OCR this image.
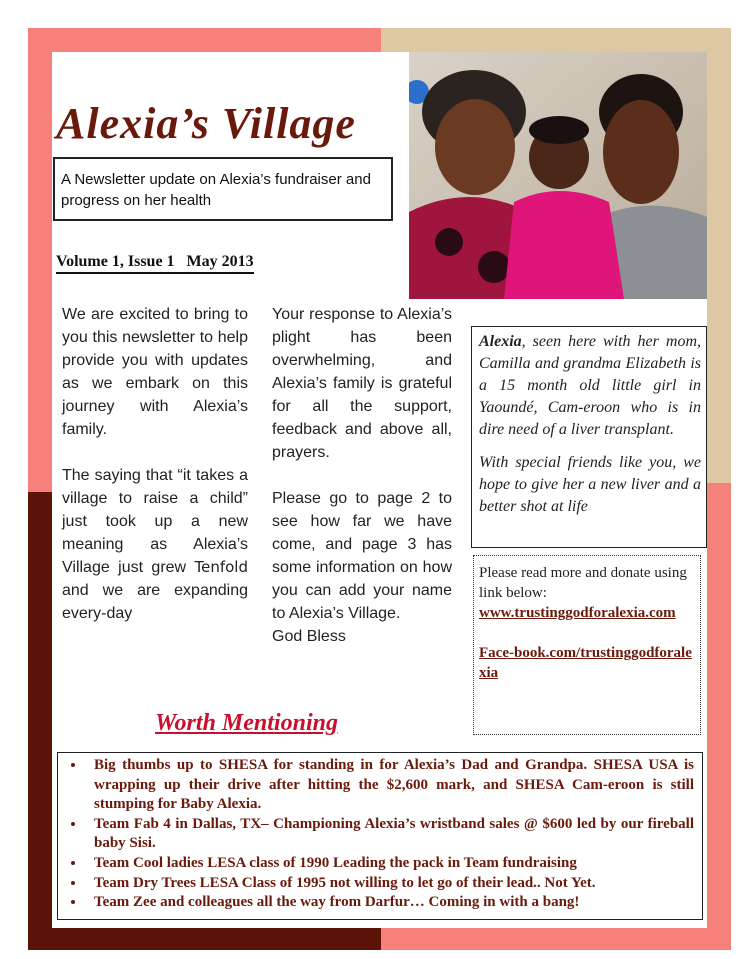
Alexia’s Village
A Newsletter update on Alexia’s fundraiser and progress on her health
Volume 1, Issue 1   May 2013

We are excited to bring to you this newsletter to help provide you with updates as we embark on this journey with Alexia’s family.

The saying that “it takes a village to raise a child” just took up a new meaning as Alexia’s Village just grew Tenfold and we are expanding every-day

Your response to Alexia’s plight has been overwhelming, and Alexia’s family is grateful for all the support, feedback and above all, prayers.

Please go to page 2 to see how far we have come, and page 3 has some information on how you can add your name to Alexia’s Village.

God Bless

Alexia, seen here with her mom, Camilla and grandma Elizabeth is a 15 month old little girl in Yaoundé, Cam-eroon who is in dire need of a liver transplant.

With special friends like you, we hope to give her a new liver and a better shot at life

Please read more and donate using link below:
www.trustinggodforalexia.com
Face-book.com/trustinggodforalexia
Worth Mentioning
• Big thumbs up to SHESA for standing in for Alexia’s Dad and Grandpa. SHESA USA is wrapping up their drive after hitting the $2,600 mark, and SHESA Cam-eroon is still stumping for Baby Alexia.
• Team Fab 4 in Dallas, TX– Championing Alexia’s wristband sales @ $600 led by our fireball baby Sisi.
• Team Cool ladies LESA class of 1990 Leading the pack in Team fundraising
• Team Dry Trees LESA Class of 1995 not willing to let go of their lead.. Not Yet.
• Team Zee and colleagues all the way from Darfur… Coming in with a bang!
